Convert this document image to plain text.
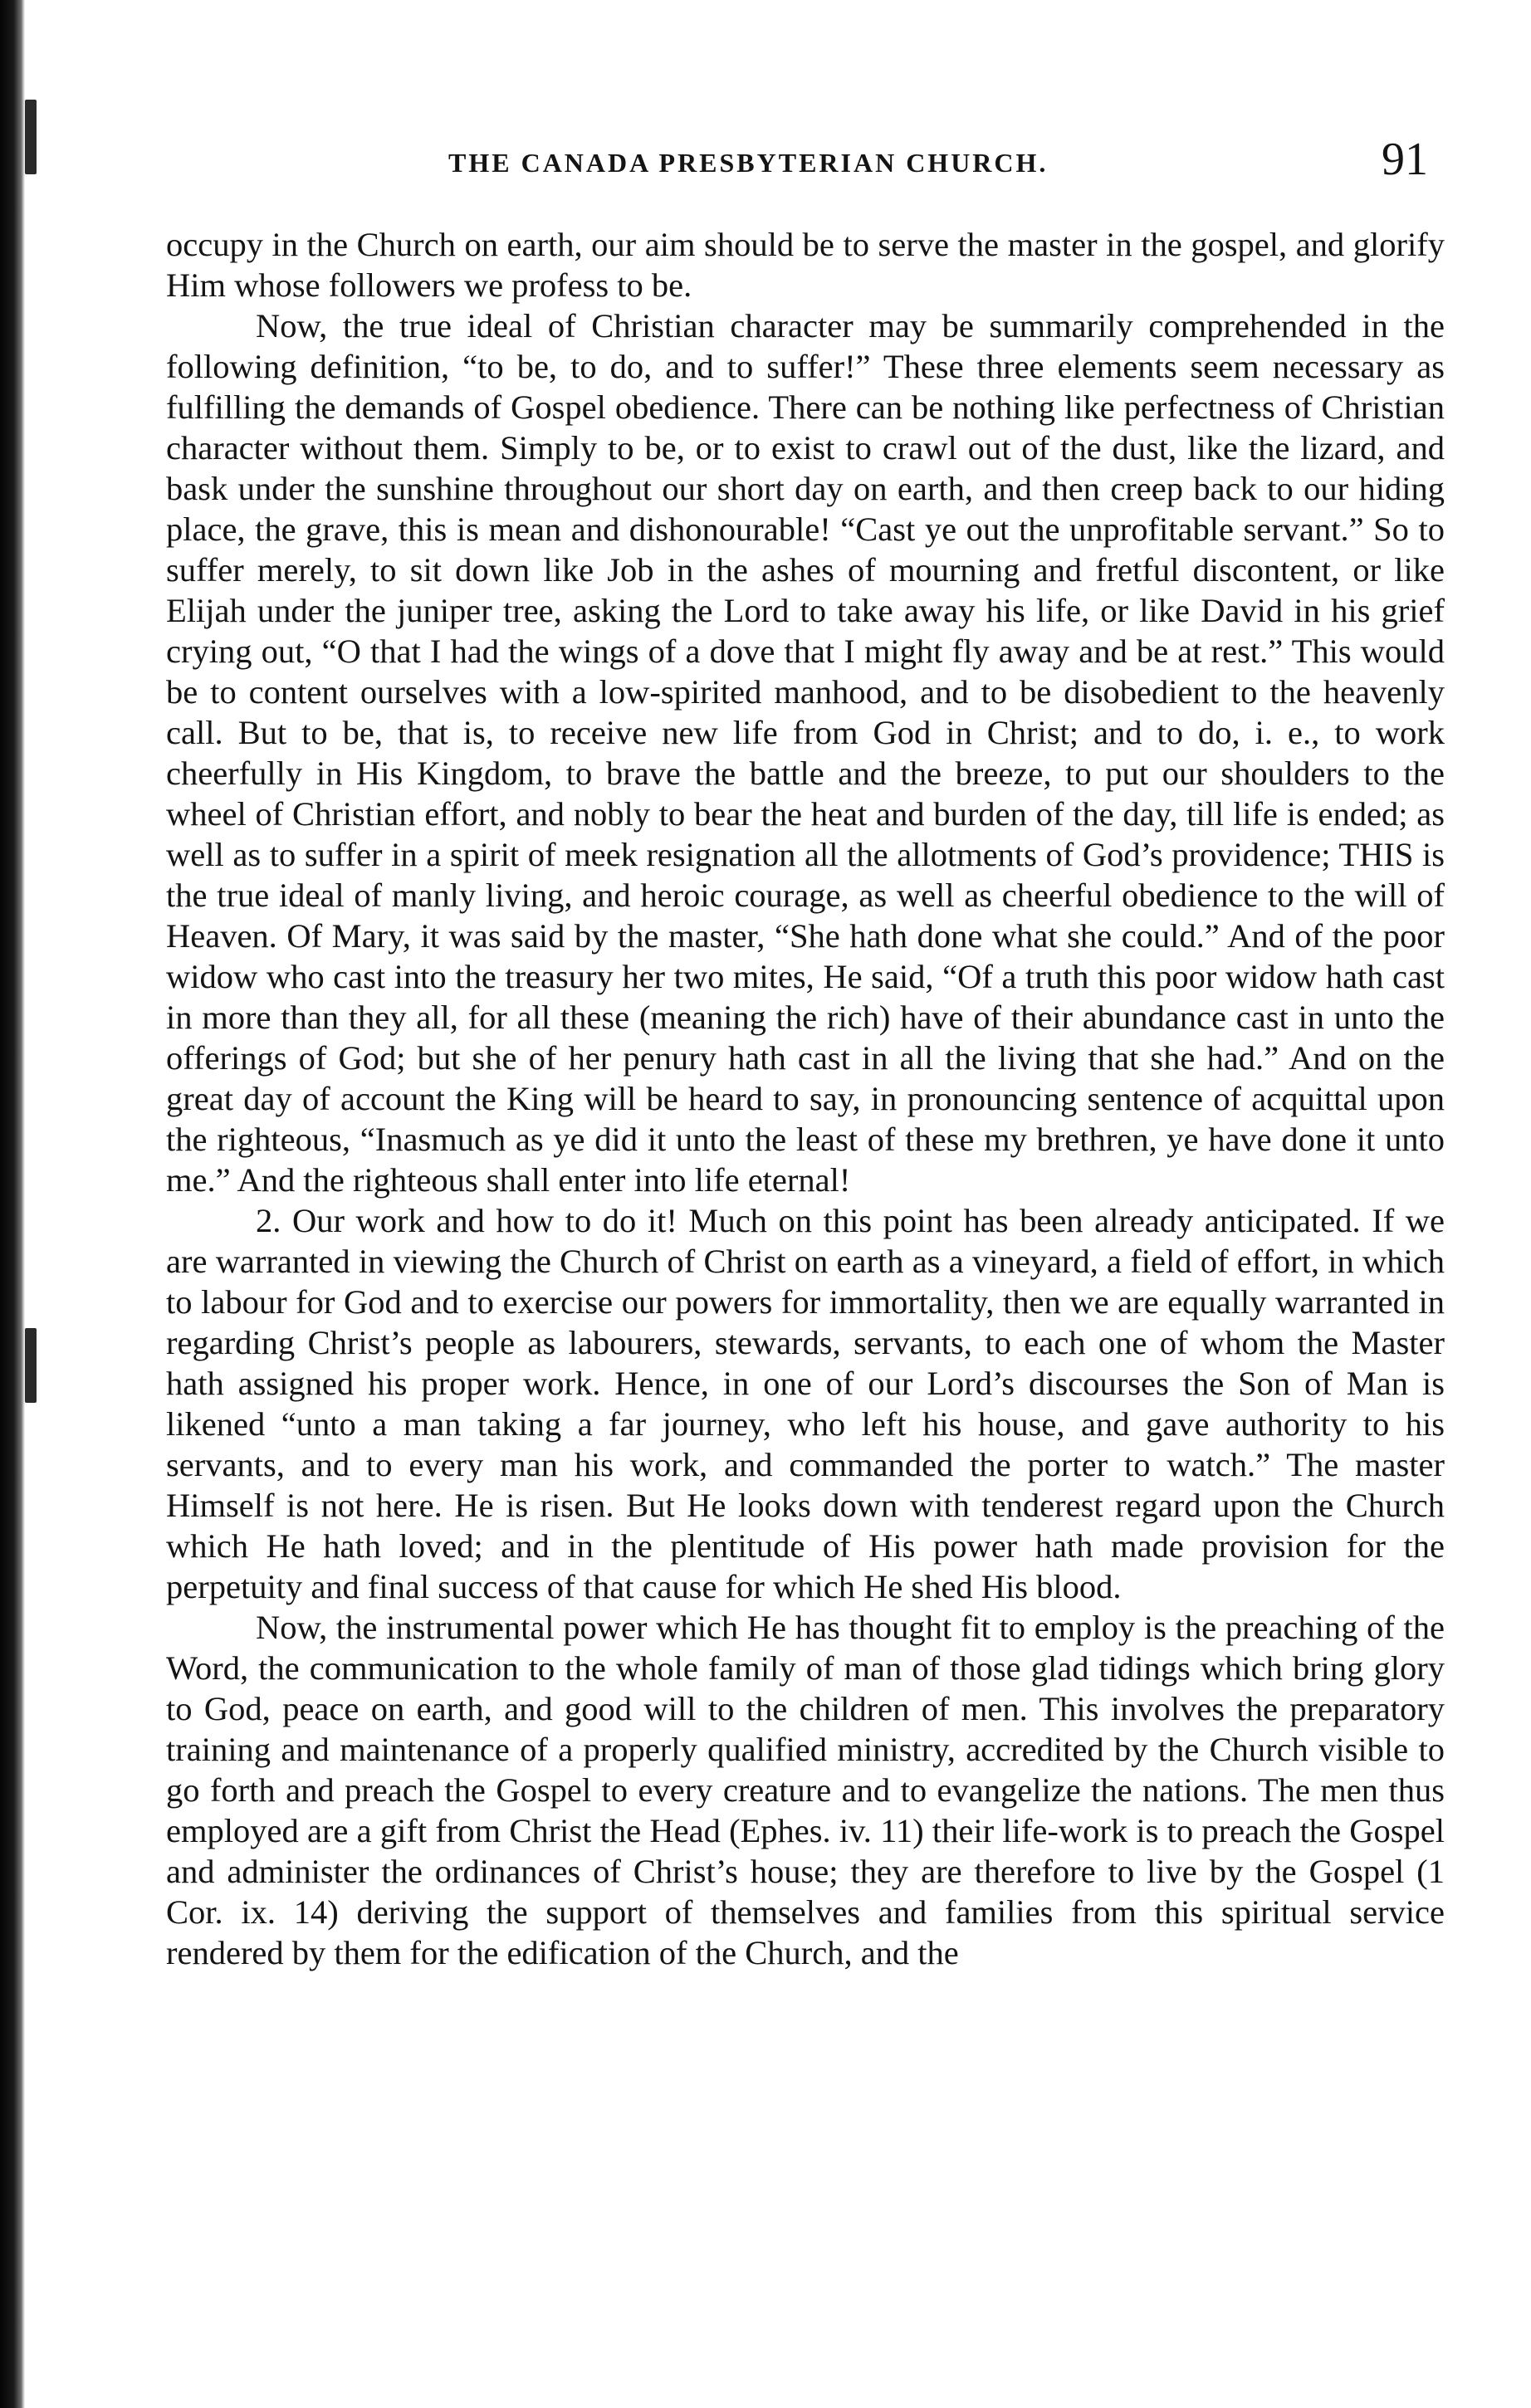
THE CANADA PRESBYTERIAN CHURCH.	91

occupy in the Church on earth, our aim should be to serve the master in the gospel, and glorify Him whose followers we profess to be.

Now, the true ideal of Christian character may be summarily comprehended in the following definition, “to be, to do, and to suffer!” These three elements seem necessary as fulfilling the demands of Gospel obedience. There can be nothing like perfectness of Christian character without them. Simply to be, or to exist to crawl out of the dust, like the lizard, and bask under the sunshine throughout our short day on earth, and then creep back to our hiding place, the grave, this is mean and dishonourable! “Cast ye out the unprofitable servant.” So to suffer merely, to sit down like Job in the ashes of mourning and fretful discontent, or like Elijah under the juniper tree, asking the Lord to take away his life, or like David in his grief crying out, “O that I had the wings of a dove that I might fly away and be at rest.” This would be to content ourselves with a low-spirited manhood, and to be disobedient to the heavenly call. But to be, that is, to receive new life from God in Christ; and to do, i. e., to work cheerfully in His Kingdom, to brave the battle and the breeze, to put our shoulders to the wheel of Christian effort, and nobly to bear the heat and burden of the day, till life is ended; as well as to suffer in a spirit of meek resignation all the allotments of God’s providence; THIS is the true ideal of manly living, and heroic courage, as well as cheerful obedience to the will of Heaven. Of Mary, it was said by the master, “She hath done what she could.” And of the poor widow who cast into the treasury her two mites, He said, “Of a truth this poor widow hath cast in more than they all, for all these (meaning the rich) have of their abundance cast in unto the offerings of God; but she of her penury hath cast in all the living that she had.” And on the great day of account the King will be heard to say, in pronouncing sentence of acquittal upon the righteous, “Inasmuch as ye did it unto the least of these my brethren, ye have done it unto me.” And the righteous shall enter into life eternal!

2. Our work and how to do it! Much on this point has been already anticipated. If we are warranted in viewing the Church of Christ on earth as a vineyard, a field of effort, in which to labour for God and to exercise our powers for immortality, then we are equally warranted in regarding Christ’s people as labourers, stewards, servants, to each one of whom the Master hath assigned his proper work. Hence, in one of our Lord’s discourses the Son of Man is likened “unto a man taking a far journey, who left his house, and gave authority to his servants, and to every man his work, and commanded the porter to watch.” The master Himself is not here. He is risen. But He looks down with tenderest regard upon the Church which He hath loved; and in the plentitude of His power hath made provision for the perpetuity and final success of that cause for which He shed His blood.

Now, the instrumental power which He has thought fit to employ is the preaching of the Word, the communication to the whole family of man of those glad tidings which bring glory to God, peace on earth, and good will to the children of men. This involves the preparatory training and maintenance of a properly qualified ministry, accredited by the Church visible to go forth and preach the Gospel to every creature and to evangelize the nations. The men thus employed are a gift from Christ the Head (Ephes. iv. 11) their life-work is to preach the Gospel and administer the ordinances of Christ’s house; they are therefore to live by the Gospel (1 Cor. ix. 14) deriving the support of themselves and families from this spiritual service rendered by them for the edification of the Church, and the
